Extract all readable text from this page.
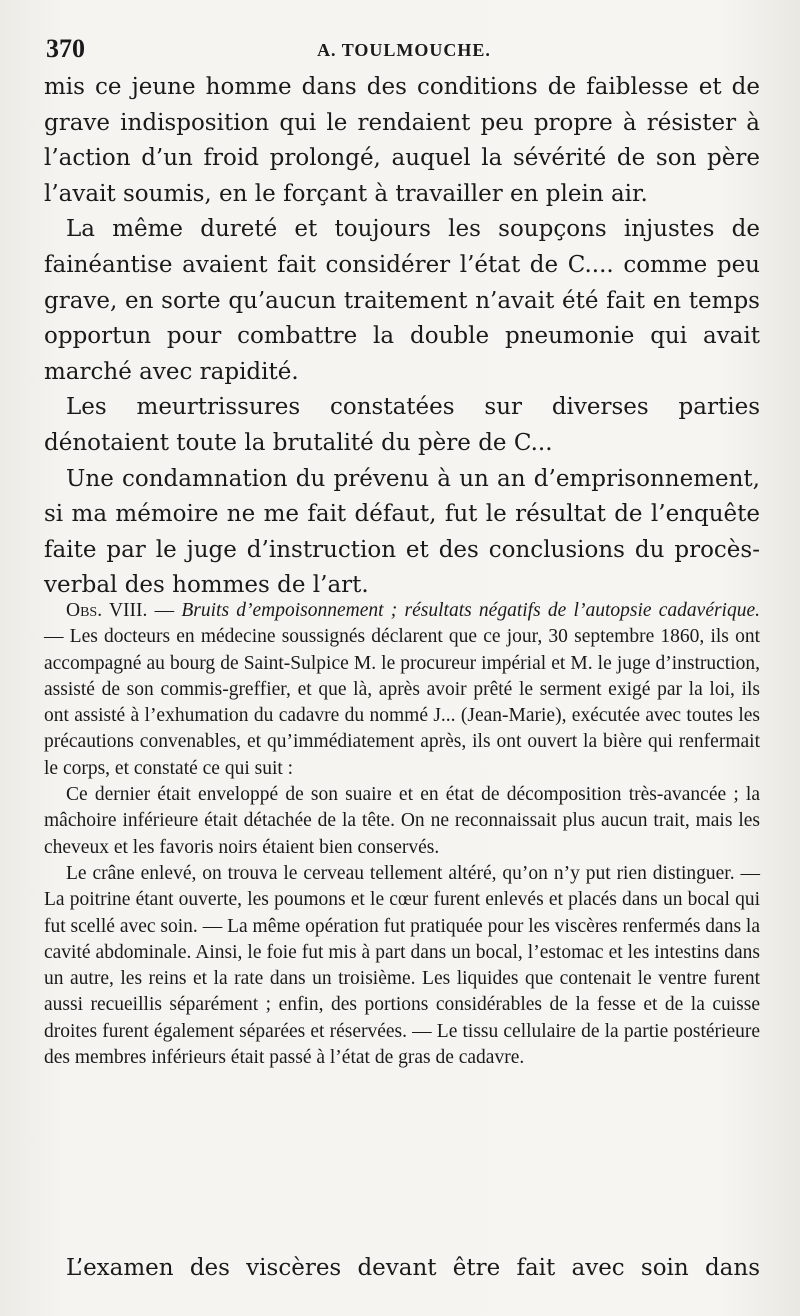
370	A. TOULMOUCHE.

mis ce jeune homme dans des conditions de faiblesse et de grave indisposition qui le rendaient peu propre à résister à l’action d’un froid prolongé, auquel la sévérité de son père l’avait soumis, en le forçant à travailler en plein air.

La même dureté et toujours les soupçons injustes de fainéantise avaient fait considérer l’état de C.... comme peu grave, en sorte qu’aucun traitement n’avait été fait en temps opportun pour combattre la double pneumonie qui avait marché avec rapidité.

Les meurtrissures constatées sur diverses parties dénotaient toute la brutalité du père de C...

Une condamnation du prévenu à un an d’emprisonnement, si ma mémoire ne me fait défaut, fut le résultat de l’enquête faite par le juge d’instruction et des conclusions du procès-verbal des hommes de l’art.

Obs. VIII. — Bruits d’empoisonnement ; résultats négatifs de l’autopsie cadavérique. — Les docteurs en médecine soussignés déclarent que ce jour, 30 septembre 1860, ils ont accompagné au bourg de Saint-Sulpice M. le procureur impérial et M. le juge d’instruction, assisté de son commis-greffier, et que là, après avoir prêté le serment exigé par la loi, ils ont assisté à l’exhumation du cadavre du nommé J... (Jean-Marie), exécutée avec toutes les précautions convenables, et qu’immédiatement après, ils ont ouvert la bière qui renfermait le corps, et constaté ce qui suit :

Ce dernier était enveloppé de son suaire et en état de décomposition très-avancée ; la mâchoire inférieure était détachée de la tête. On ne reconnaissait plus aucun trait, mais les cheveux et les favoris noirs étaient bien conservés.

Le crâne enlevé, on trouva le cerveau tellement altéré, qu’on n’y put rien distinguer. — La poitrine étant ouverte, les poumons et le cœur furent enlevés et placés dans un bocal qui fut scellé avec soin. — La même opération fut pratiquée pour les viscères renfermés dans la cavité abdominale. Ainsi, le foie fut mis à part dans un bocal, l’estomac et les intestins dans un autre, les reins et la rate dans un troisième. Les liquides que contenait le ventre furent aussi recueillis séparément ; enfin, des portions considérables de la fesse et de la cuisse droites furent également séparées et réservées. — Le tissu cellulaire de la partie postérieure des membres inférieurs était passé à l’état de gras de cadavre.

L’examen des viscères devant être fait avec soin dans
